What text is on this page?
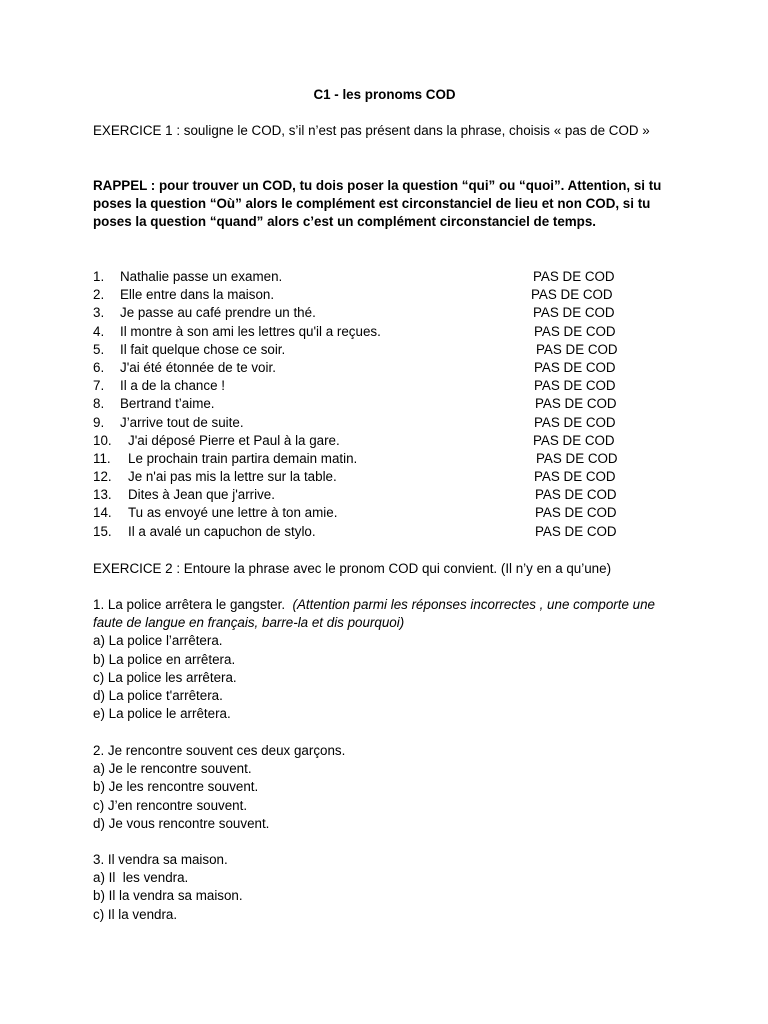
C1 - les pronoms COD
EXERCICE 1 : souligne le COD, s’il n’est pas présent dans la phrase, choisis « pas de COD »
RAPPEL : pour trouver un COD, tu dois poser la question “qui” ou “quoi”. Attention, si tu poses la question “Où” alors le complément est circonstanciel de lieu et non COD, si tu poses la question “quand” alors c’est un complément circonstanciel de temps.
1. Nathalie passe un examen.	PAS DE COD
2. Elle entre dans la maison.	PAS DE COD
3. Je passe au café prendre un thé.	PAS DE COD
4. Il montre à son ami les lettres qu'il a reçues.	PAS DE COD
5. Il fait quelque chose ce soir.	PAS DE COD
6. J'ai été étonnée de te voir.	PAS DE COD
7. Il a de la chance !	PAS DE COD
8. Bertrand t’aime.	PAS DE COD
9. J’arrive tout de suite.	PAS DE COD
10. J'ai déposé Pierre et Paul à la gare.	PAS DE COD
11. Le prochain train partira demain matin.	PAS DE COD
12. Je n'ai pas mis la lettre sur la table.	PAS DE COD
13. Dites à Jean que j'arrive.	PAS DE COD
14. Tu as envoyé une lettre à ton amie.	PAS DE COD
15. Il a avalé un capuchon de stylo.	PAS DE COD
EXERCICE 2 : Entoure la phrase avec le pronom COD qui convient. (Il n’y en a qu’une)
1. La police arrêtera le gangster. (Attention parmi les réponses incorrectes , une comporte une faute de langue en français, barre-la et dis pourquoi)
a) La police l’arrêtera.
b) La police en arrêtera.
c) La police les arrêtera.
d) La police t'arrêtera.
e) La police le arrêtera.
2. Je rencontre souvent ces deux garçons.
a) Je le rencontre souvent.
b) Je les rencontre souvent.
c) J’en rencontre souvent.
d) Je vous rencontre souvent.
3. Il vendra sa maison.
a) Il  les vendra.
b) Il la vendra sa maison.
c) Il la vendra.
